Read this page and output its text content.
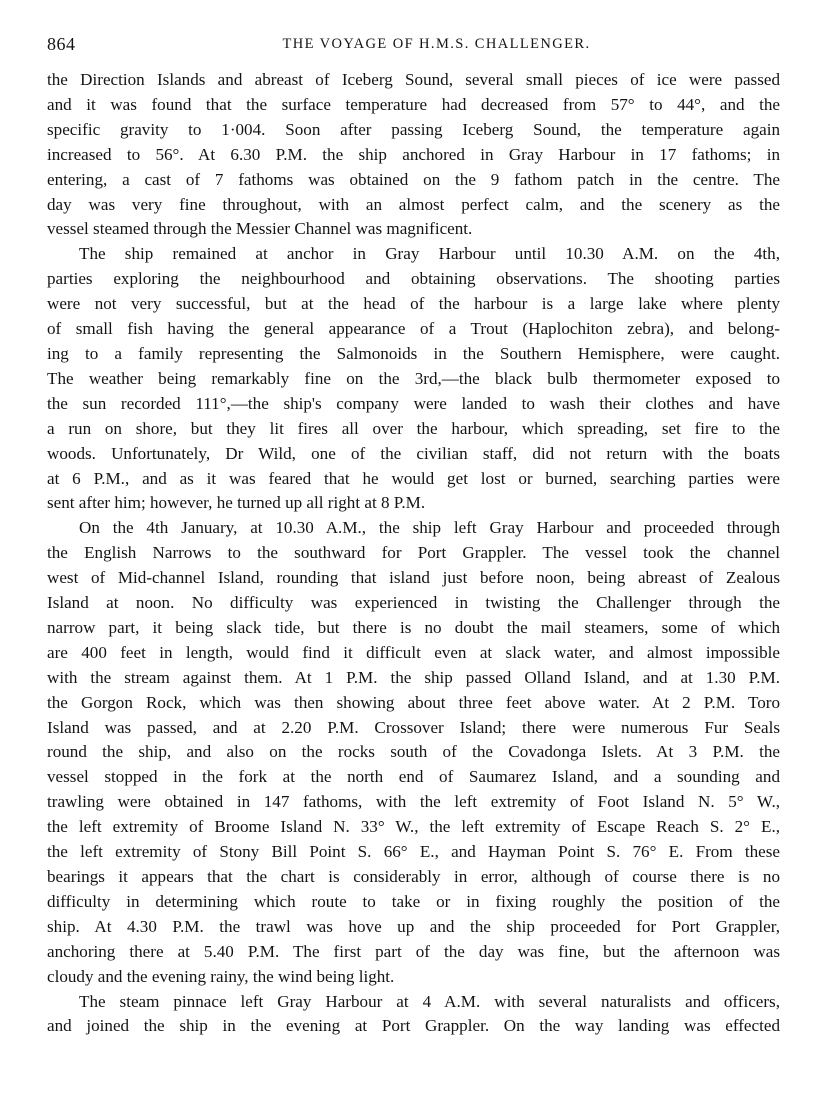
864	THE VOYAGE OF H.M.S. CHALLENGER.
the Direction Islands and abreast of Iceberg Sound, several small pieces of ice were passed
and it was found that the surface temperature had decreased from 57° to 44°, and the
specific gravity to 1·004. Soon after passing Iceberg Sound, the temperature again
increased to 56°. At 6.30 P.M. the ship anchored in Gray Harbour in 17 fathoms; in
entering, a cast of 7 fathoms was obtained on the 9 fathom patch in the centre. The
day was very fine throughout, with an almost perfect calm, and the scenery as the
vessel steamed through the Messier Channel was magnificent.
The ship remained at anchor in Gray Harbour until 10.30 A.M. on the 4th,
parties exploring the neighbourhood and obtaining observations. The shooting parties
were not very successful, but at the head of the harbour is a large lake where plenty
of small fish having the general appearance of a Trout (Haplochiton zebra), and belong-
ing to a family representing the Salmonoids in the Southern Hemisphere, were caught.
The weather being remarkably fine on the 3rd,—the black bulb thermometer exposed to
the sun recorded 111°,—the ship's company were landed to wash their clothes and have
a run on shore, but they lit fires all over the harbour, which spreading, set fire to the
woods. Unfortunately, Dr Wild, one of the civilian staff, did not return with the boats
at 6 P.M., and as it was feared that he would get lost or burned, searching parties were
sent after him; however, he turned up all right at 8 P.M.
On the 4th January, at 10.30 A.M., the ship left Gray Harbour and proceeded through
the English Narrows to the southward for Port Grappler. The vessel took the channel
west of Mid-channel Island, rounding that island just before noon, being abreast of Zealous
Island at noon. No difficulty was experienced in twisting the Challenger through the
narrow part, it being slack tide, but there is no doubt the mail steamers, some of which
are 400 feet in length, would find it difficult even at slack water, and almost impossible
with the stream against them. At 1 P.M. the ship passed Olland Island, and at 1.30 P.M.
the Gorgon Rock, which was then showing about three feet above water. At 2 P.M. Toro
Island was passed, and at 2.20 P.M. Crossover Island; there were numerous Fur Seals
round the ship, and also on the rocks south of the Covadonga Islets. At 3 P.M. the
vessel stopped in the fork at the north end of Saumarez Island, and a sounding and
trawling were obtained in 147 fathoms, with the left extremity of Foot Island N. 5° W.,
the left extremity of Broome Island N. 33° W., the left extremity of Escape Reach S. 2° E.,
the left extremity of Stony Bill Point S. 66° E., and Hayman Point S. 76° E. From these
bearings it appears that the chart is considerably in error, although of course there is no
difficulty in determining which route to take or in fixing roughly the position of the
ship. At 4.30 P.M. the trawl was hove up and the ship proceeded for Port Grappler,
anchoring there at 5.40 P.M. The first part of the day was fine, but the afternoon was
cloudy and the evening rainy, the wind being light.
The steam pinnace left Gray Harbour at 4 A.M. with several naturalists and officers,
and joined the ship in the evening at Port Grappler. On the way landing was effected
